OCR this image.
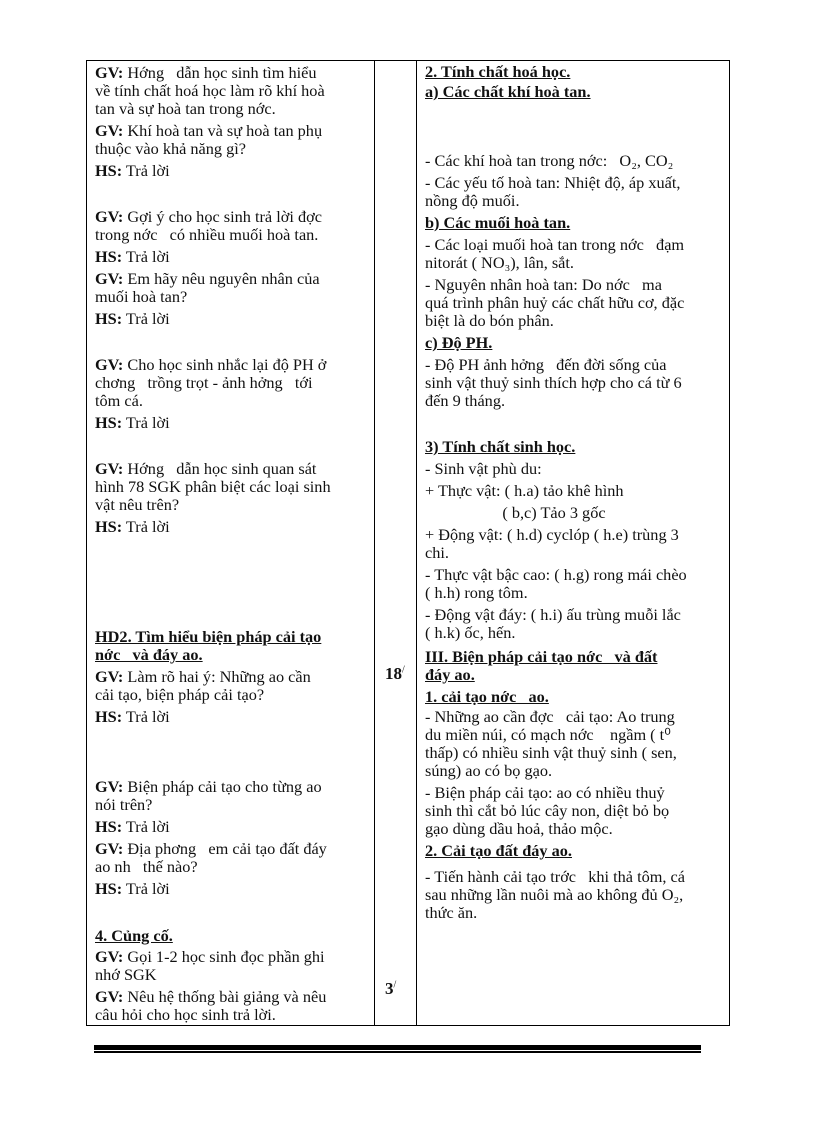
GV: Hớng   dẫn học sinh tìm hiểu
về tính chất hoá học làm rõ khí hoà
tan và sự hoà tan trong nớc.
GV: Khí hoà tan và sự hoà tan phụ
thuộc vào khả năng gì?
HS: Trả lời
GV: Gợi ý cho học sinh trả lời đợc
trong nớc   có nhiều muối hoà tan.
HS: Trả lời
GV: Em hãy nêu nguyên nhân của
muối hoà tan?
HS: Trả lời
GV: Cho học sinh nhắc lại độ PH ở
chơng   trồng trọt - ảnh hởng   tới
tôm cá.
HS: Trả lời
GV: Hớng   dẫn học sinh quan sát
hình 78 SGK phân biệt các loại sinh
vật nêu trên?
HS: Trả lời
HD2. Tìm hiểu biện pháp cải tạo
nớc   và đáy ao.
GV: Làm rõ hai ý: Những ao cần
cải tạo, biện pháp cải tạo?
HS: Trả lời
GV: Biện pháp cải tạo cho từng ao
nói trên?
HS: Trả lời
GV: Địa phơng   em cải tạo đất đáy
ao nh   thế nào?
HS: Trả lời
4. Củng cố.
GV: Gọi 1-2 học sinh đọc phần ghi
nhớ SGK
GV: Nêu hệ thống bài giảng và nêu
câu hỏi cho học sinh trả lời.
18/
3/
2. Tính chất hoá học.
a) Các chất khí hoà tan.
- Các khí hoà tan trong nớc:   O₂, CO₂
- Các yếu tố hoà tan: Nhiệt độ, áp xuất,
nồng độ muối.
b) Các muối hoà tan.
- Các loại muối hoà tan trong nớc   đạm
nitorát ( NO₃), lân, sắt.
- Nguyên nhân hoà tan: Do nớc   ma
quá trình phân huỷ các chất hữu cơ, đặc
biệt là do bón phân.
c) Độ PH.
- Độ PH ảnh hởng   đến đời sống của
sinh vật thuỷ sinh thích hợp cho cá từ 6
đến 9 tháng.
3) Tính chất sinh học.
- Sinh vật phù du:
+ Thực vật: ( h.a) tảo khê hình
( b,c) Tảo 3 gốc
+ Động vật: ( h.d) cyclóp ( h.e) trùng 3
chi.
- Thực vật bậc cao: ( h.g) rong mái chèo
( h.h) rong tôm.
- Động vật đáy: ( h.i) ấu trùng muỗi lắc
( h.k) ốc, hến.
III. Biện pháp cải tạo nớc   và đất
đáy ao.
1. cải tạo nớc   ao.
- Những ao cần đợc   cải tạo: Ao trung
du miền núi, có mạch nớc    ngầm ( t⁰
thấp) có nhiều sinh vật thuỷ sinh ( sen,
súng) ao có bọ gạo.
- Biện pháp cải tạo: ao có nhiều thuỷ
sinh thì cắt bỏ lúc cây non, diệt bỏ bọ
gạo dùng dầu hoả, thảo mộc.
2. Cải tạo đất đáy ao.
- Tiến hành cải tạo trớc   khi thả tôm, cá
sau những lần nuôi mà ao không đủ O₂,
thức ăn.
